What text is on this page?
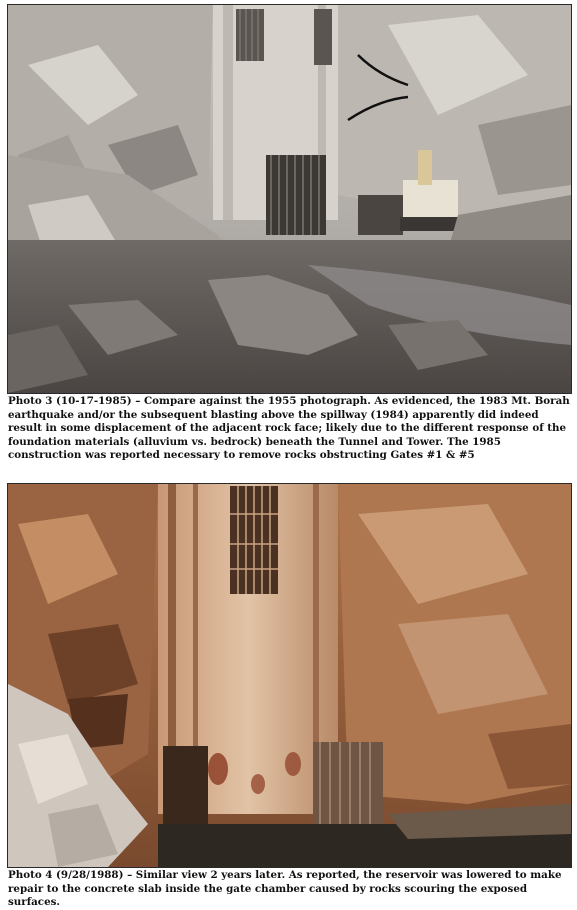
Photo 3 (10-17-1985) – Compare against the 1955 photograph. As evidenced, the 1983 Mt. Borah earthquake and/or the subsequent blasting above the spillway (1984) apparently did indeed result in some displacement of the adjacent rock face; likely due to the different response of the foundation materials (alluvium vs. bedrock) beneath the Tunnel and Tower. The 1985 construction was reported necessary to remove rocks obstructing Gates #1 & #5
Photo 4 (9/28/1988) – Similar view 2 years later. As reported, the reservoir was lowered to make repair to the concrete slab inside the gate chamber caused by rocks scouring the exposed surfaces.
